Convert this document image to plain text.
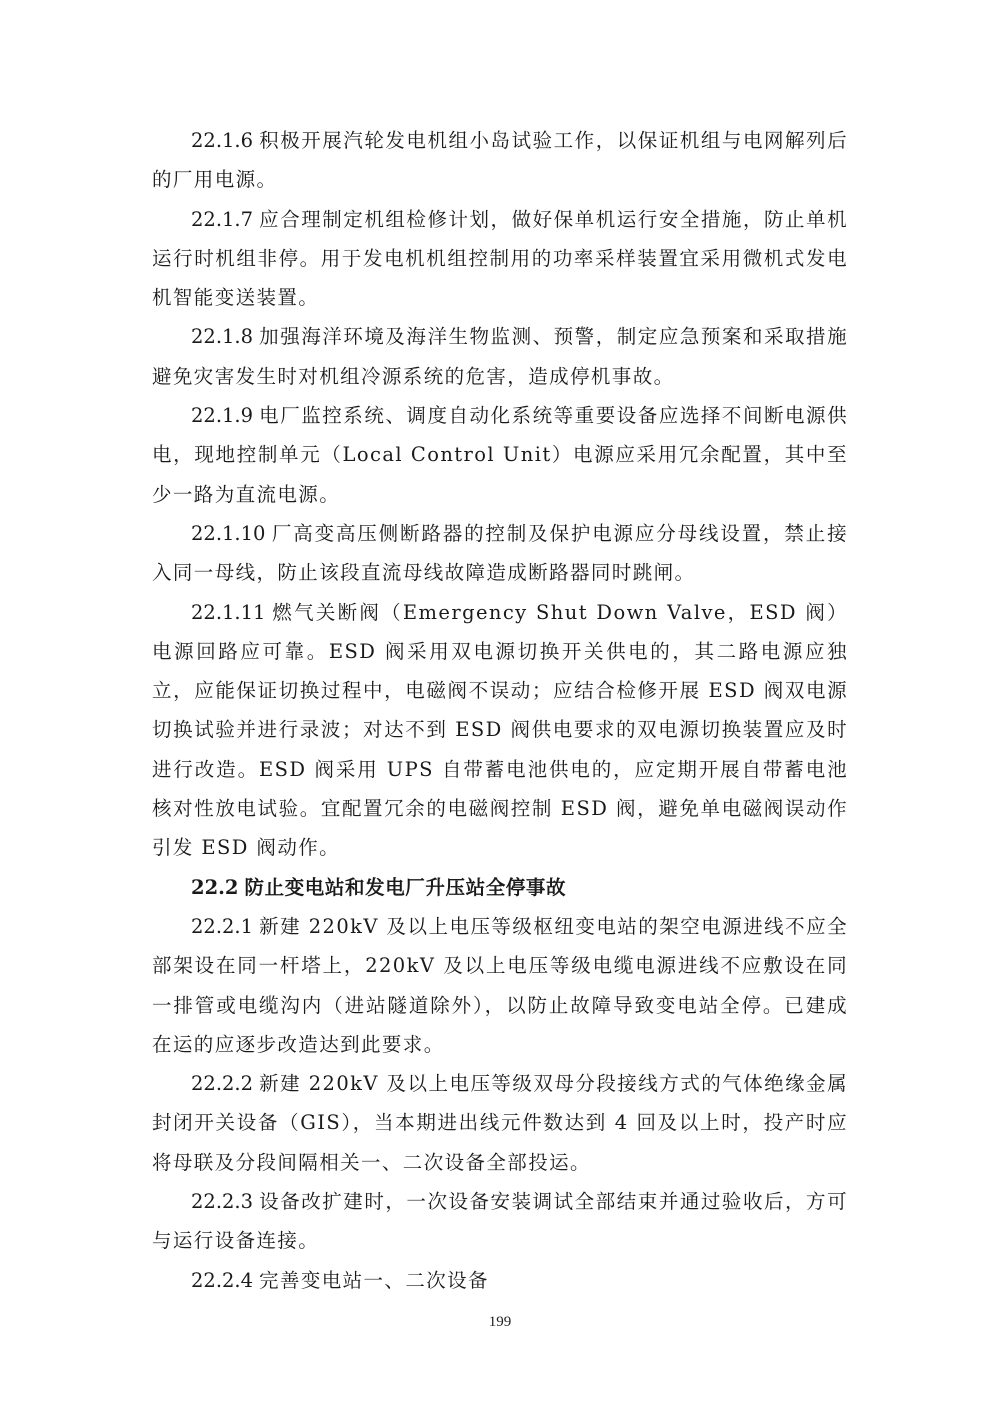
22.1.6 积极开展汽轮发电机组小岛试验工作，以保证机组与电网解列后的厂用电源。

22.1.7 应合理制定机组检修计划，做好保单机运行安全措施，防止单机运行时机组非停。用于发电机机组控制用的功率采样装置宜采用微机式发电机智能变送装置。

22.1.8 加强海洋环境及海洋生物监测、预警，制定应急预案和采取措施避免灾害发生时对机组冷源系统的危害，造成停机事故。

22.1.9 电厂监控系统、调度自动化系统等重要设备应选择不间断电源供电，现地控制单元（Local Control Unit）电源应采用冗余配置，其中至少一路为直流电源。

22.1.10 厂高变高压侧断路器的控制及保护电源应分母线设置，禁止接入同一母线，防止该段直流母线故障造成断路器同时跳闸。

22.1.11 燃气关断阀（Emergency Shut Down Valve，ESD 阀）电源回路应可靠。ESD 阀采用双电源切换开关供电的，其二路电源应独立，应能保证切换过程中，电磁阀不误动；应结合检修开展 ESD 阀双电源切换试验并进行录波；对达不到 ESD 阀供电要求的双电源切换装置应及时进行改造。ESD 阀采用 UPS 自带蓄电池供电的，应定期开展自带蓄电池核对性放电试验。宜配置冗余的电磁阀控制 ESD 阀，避免单电磁阀误动作引发 ESD 阀动作。

22.2 防止变电站和发电厂升压站全停事故

22.2.1 新建 220kV 及以上电压等级枢纽变电站的架空电源进线不应全部架设在同一杆塔上，220kV 及以上电压等级电缆电源进线不应敷设在同一排管或电缆沟内（进站隧道除外），以防止故障导致变电站全停。已建成在运的应逐步改造达到此要求。

22.2.2 新建 220kV 及以上电压等级双母分段接线方式的气体绝缘金属封闭开关设备（GIS），当本期进出线元件数达到 4 回及以上时，投产时应将母联及分段间隔相关一、二次设备全部投运。

22.2.3 设备改扩建时，一次设备安装调试全部结束并通过验收后，方可与运行设备连接。

22.2.4 完善变电站一、二次设备

199
